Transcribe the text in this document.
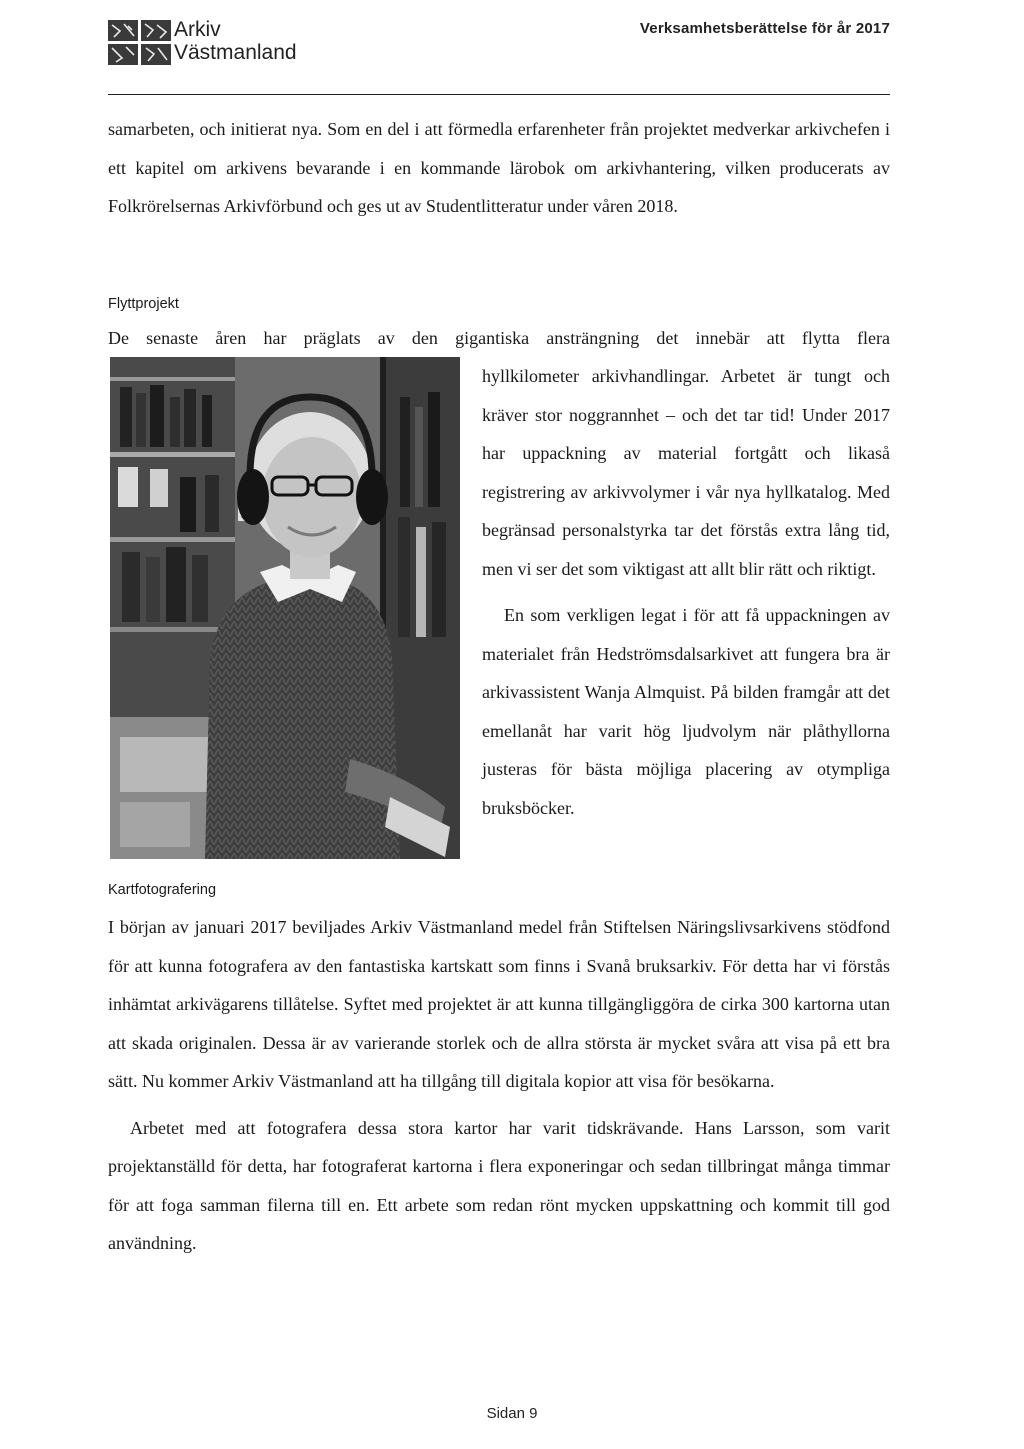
Arkiv
Västmanland
Verksamhetsberättelse för år 2017

samarbeten, och initierat nya. Som en del i att förmedla erfarenheter från projektet medverkar arkivchefen i ett kapitel om arkivens bevarande i en kommande lärobok om arkivhantering, vilken producerats av Folkrörelsernas Arkivförbund och ges ut av Studentlitteratur under våren 2018.

Flyttprojekt

De senaste åren har präglats av den gigantiska ansträngning det innebär att flytta flera

hyllkilometer arkivhandlingar. Arbetet är tungt och kräver stor noggrannhet – och det tar tid! Under 2017 har uppackning av material fortgått och likaså registrering av arkivvolymer i vår nya hyllkatalog. Med begränsad personalstyrka tar det förstås extra lång tid, men vi ser det som viktigast att allt blir rätt och riktigt.

En som verkligen legat i för att få uppackningen av materialet från Hedströmsdalsarkivet att fungera bra är arkivassistent Wanja Almquist. På bilden framgår att det emellanåt har varit hög ljudvolym när plåthyllorna justeras för bästa möjliga placering av otympliga bruksböcker.

Kartfotografering

I början av januari 2017 beviljades Arkiv Västmanland medel från Stiftelsen Näringslivsarkivens stödfond för att kunna fotografera av den fantastiska kartskatt som finns i Svanå bruksarkiv. För detta har vi förstås inhämtat arkivägarens tillåtelse. Syftet med projektet är att kunna tillgängliggöra de cirka 300 kartorna utan att skada originalen. Dessa är av varierande storlek och de allra största är mycket svåra att visa på ett bra sätt. Nu kommer Arkiv Västmanland att ha tillgång till digitala kopior att visa för besökarna.

Arbetet med att fotografera dessa stora kartor har varit tidskrävande. Hans Larsson, som varit projektanställd för detta, har fotograferat kartorna i flera exponeringar och sedan tillbringat många timmar för att foga samman filerna till en. Ett arbete som redan rönt mycken uppskattning och kommit till god användning.

Sidan 9
